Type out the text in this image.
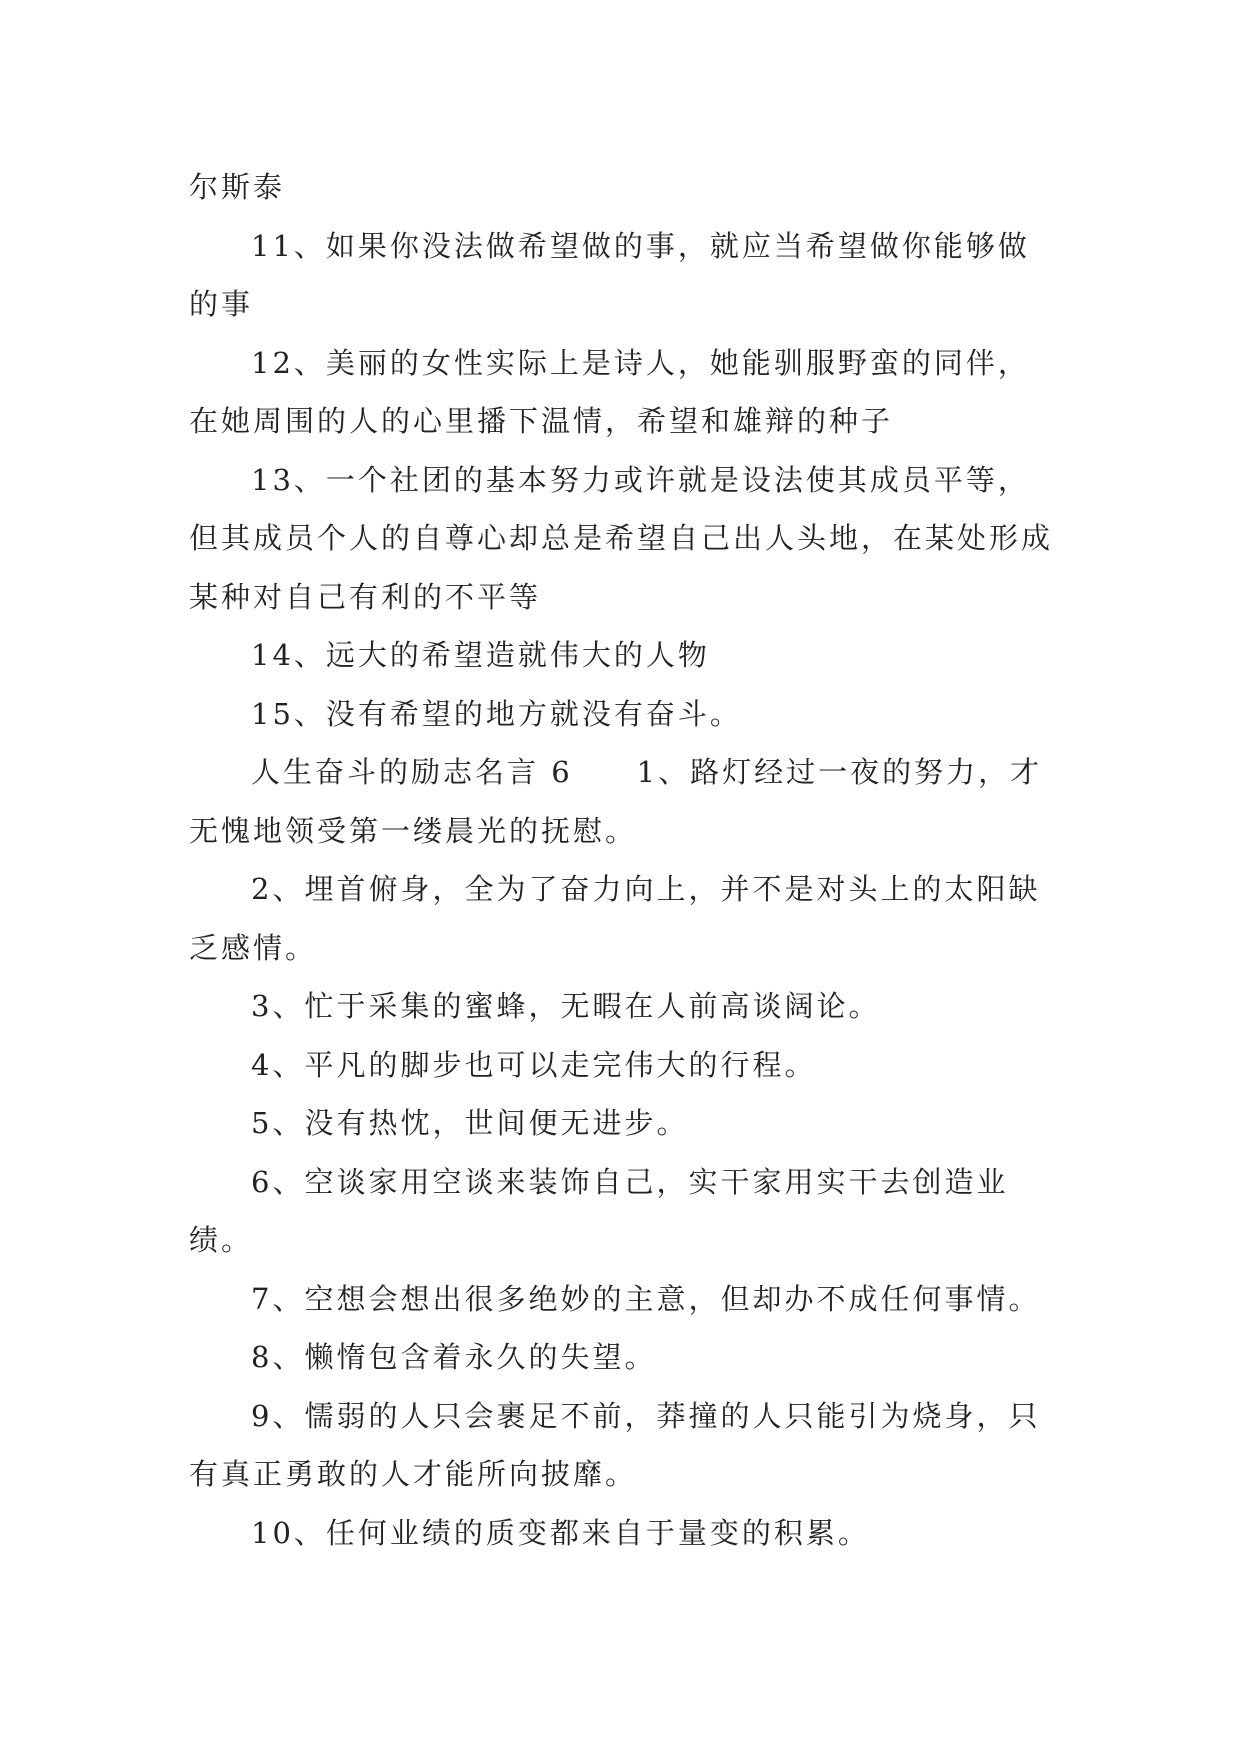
尔斯泰

11、如果你没法做希望做的事，就应当希望做你能够做的事

12、美丽的女性实际上是诗人，她能驯服野蛮的同伴，在她周围的人的心里播下温情，希望和雄辩的种子

13、一个社团的基本努力或许就是设法使其成员平等，但其成员个人的自尊心却总是希望自己出人头地，在某处形成某种对自己有利的不平等

14、远大的希望造就伟大的人物

15、没有希望的地方就没有奋斗。

人生奋斗的励志名言 6　　1、路灯经过一夜的努力，才无愧地领受第一缕晨光的抚慰。

2、埋首俯身，全为了奋力向上，并不是对头上的太阳缺乏感情。

3、忙于采集的蜜蜂，无暇在人前高谈阔论。

4、平凡的脚步也可以走完伟大的行程。

5、没有热忱，世间便无进步。

6、空谈家用空谈来装饰自己，实干家用实干去创造业绩。

7、空想会想出很多绝妙的主意，但却办不成任何事情。

8、懒惰包含着永久的失望。

9、懦弱的人只会裹足不前，莽撞的人只能引为烧身，只有真正勇敢的人才能所向披靡。

10、任何业绩的质变都来自于量变的积累。
